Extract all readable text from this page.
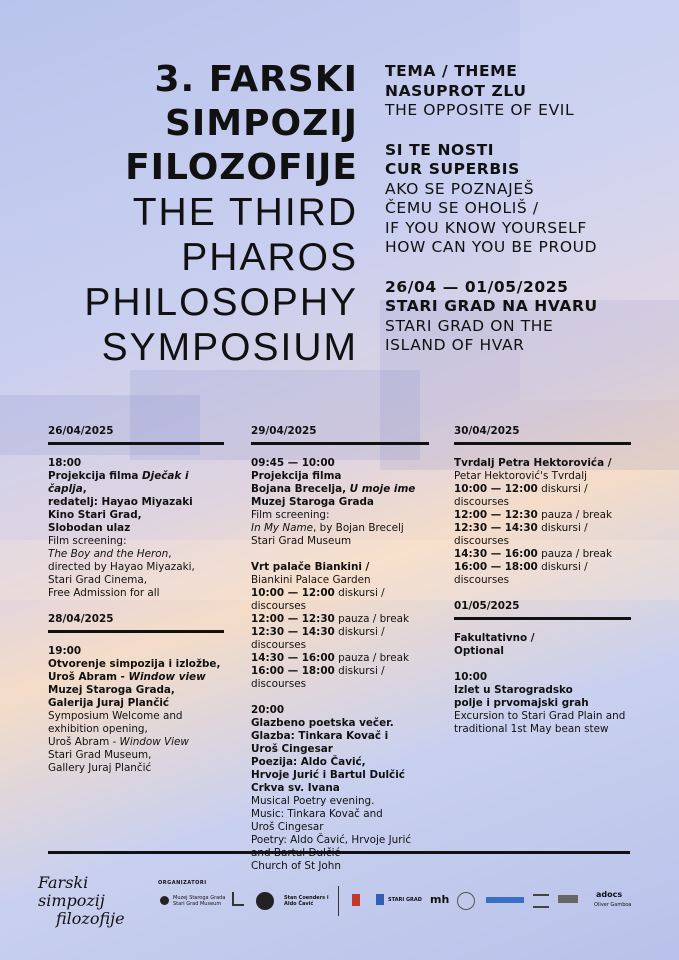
3. FARSKI
SIMPOZIJ
FILOZOFIJE
THE THIRD
PHAROS
PHILOSOPHY
SYMPOSIUM
TEMA / THEME
NASUPROT ZLU
THE OPPOSITE OF EVIL
SI TE NOSTI
CUR SUPERBIS
AKO SE POZNAJEŠ
ČEMU SE OHOLIŠ /
IF YOU KNOW YOURSELF
HOW CAN YOU BE PROUD
26/04 — 01/05/2025
STARI GRAD NA HVARU
STARI GRAD ON THE
ISLAND OF HVAR
26/04/2025
18:00
Projekcija filma Dječak i čaplja,
redatelj: Hayao Miyazaki
Kino Stari Grad,
Slobodan ulaz
Film screening:
The Boy and the Heron,
directed by Hayao Miyazaki,
Stari Grad Cinema,
Free Admission for all
28/04/2025
19:00
Otvorenje simpozija i izložbe,
Uroš Abram - Window view
Muzej Staroga Grada,
Galerija Juraj Plančić
Symposium Welcome and
exhibition opening,
Uroš Abram - Window View
Stari Grad Museum,
Gallery Juraj Plančić
29/04/2025
09:45 — 10:00
Projekcija filma
Bojana Brecelja, U moje ime
Muzej Staroga Grada
Film screening:
In My Name, by Bojan Brecelj
Stari Grad Museum
Vrt palače Biankini /
Biankini Palace Garden
10:00 — 12:00 diskursi / discourses
12:00 — 12:30 pauza / break
12:30 — 14:30 diskursi / discourses
14:30 — 16:00 pauza / break
16:00 — 18:00 diskursi / discourses
20:00
Glazbeno poetska večer.
Glazba: Tinkara Kovač i
Uroš Cingesar
Poezija: Aldo Čavić,
Hrvoje Jurić i Bartul Dulčić
Crkva sv. Ivana
Musical Poetry evening.
Music: Tinkara Kovač and
Uroš Cingesar
Poetry: Aldo Čavić, Hrvoje Jurić
Church of St John
30/04/2025
Tvrdalj Petra Hektorovića /
Petar Hektorović's Tvrdalj
10:00 — 12:00 diskursi / discourses
12:00 — 12:30 pauza / break
12:30 — 14:30 diskursi / discourses
14:30 — 16:00 pauza / break
16:00 — 18:00 diskursi / discourses
01/05/2025
Fakultativno /
Optional
10:00
Izlet u Starogradsko
polje i prvomajski grah
Excursion to Stari Grad Plain and
traditional 1st May bean stew
Farski simpozij
filozofije
ORGANIZATORI
Muzej Staroga Grada
Stari Grad Museum
Stan Coenders i
Aldo Čavić
STARI GRAD mh	adocs
Oliver Gamboa
